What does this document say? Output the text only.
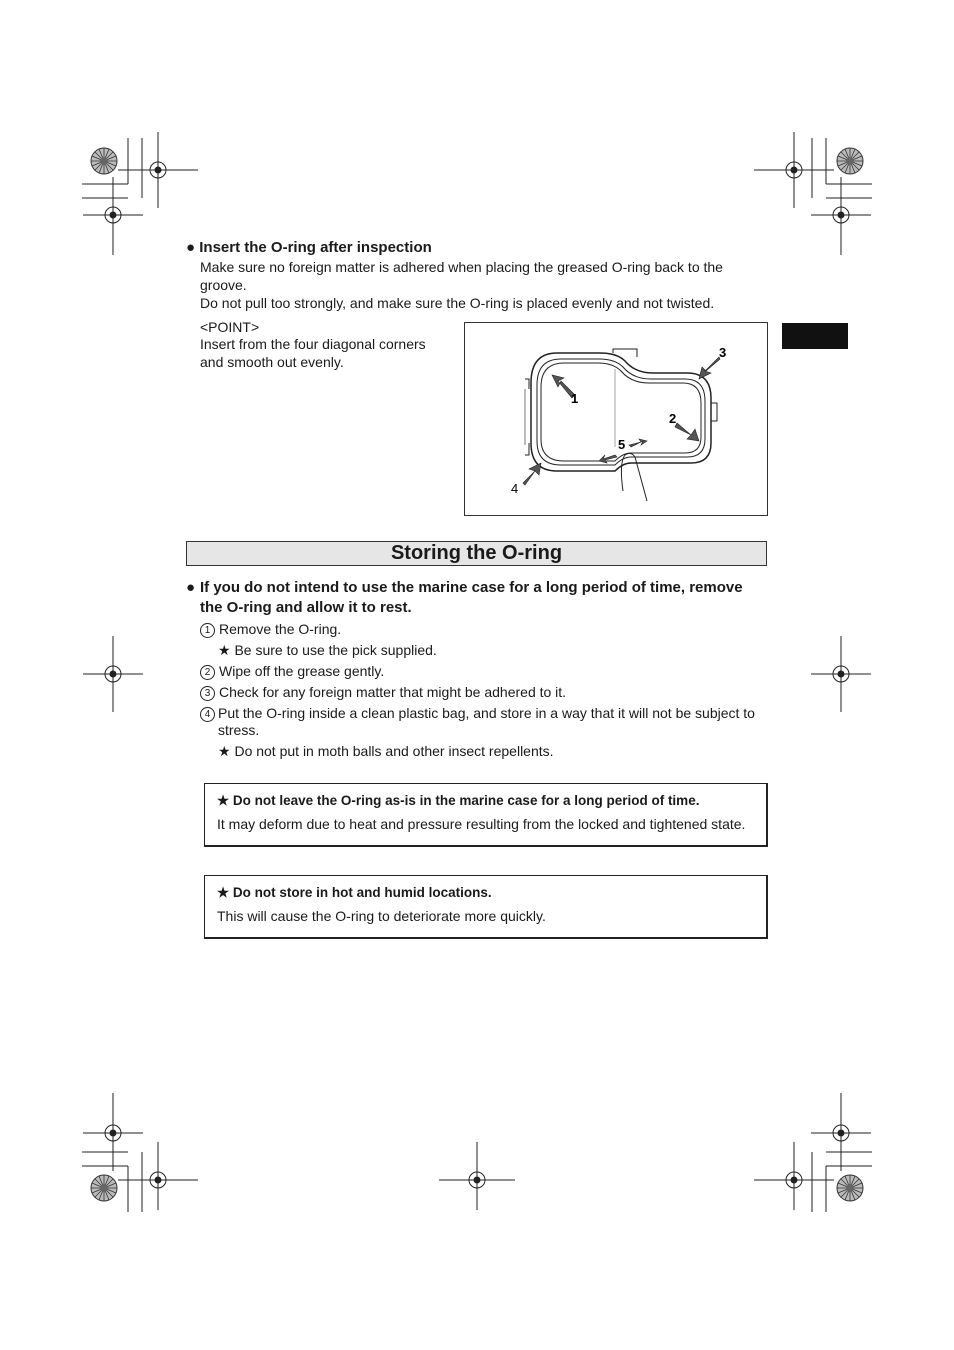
● Insert the O-ring after inspection
Make sure no foreign matter is adhered when placing the greased O-ring back to the groove.
Do not pull too strongly, and make sure the O-ring is placed evenly and not twisted.
<POINT>
Insert from the four diagonal corners and smooth out evenly.
1
2
3
4
5
Storing the O-ring
● If you do not intend to use the marine case for a long period of time, remove the O-ring and allow it to rest.
1 Remove the O-ring.
★ Be sure to use the pick supplied.
2 Wipe off the grease gently.
3 Check for any foreign matter that might be adhered to it.
4 Put the O-ring inside a clean plastic bag, and store in a way that it will not be subject to stress.
★ Do not put in moth balls and other insect repellents.
★ Do not leave the O-ring as-is in the marine case for a long period of time.
It may deform due to heat and pressure resulting from the locked and tightened state.
★ Do not store in hot and humid locations.
This will cause the O-ring to deteriorate more quickly.
